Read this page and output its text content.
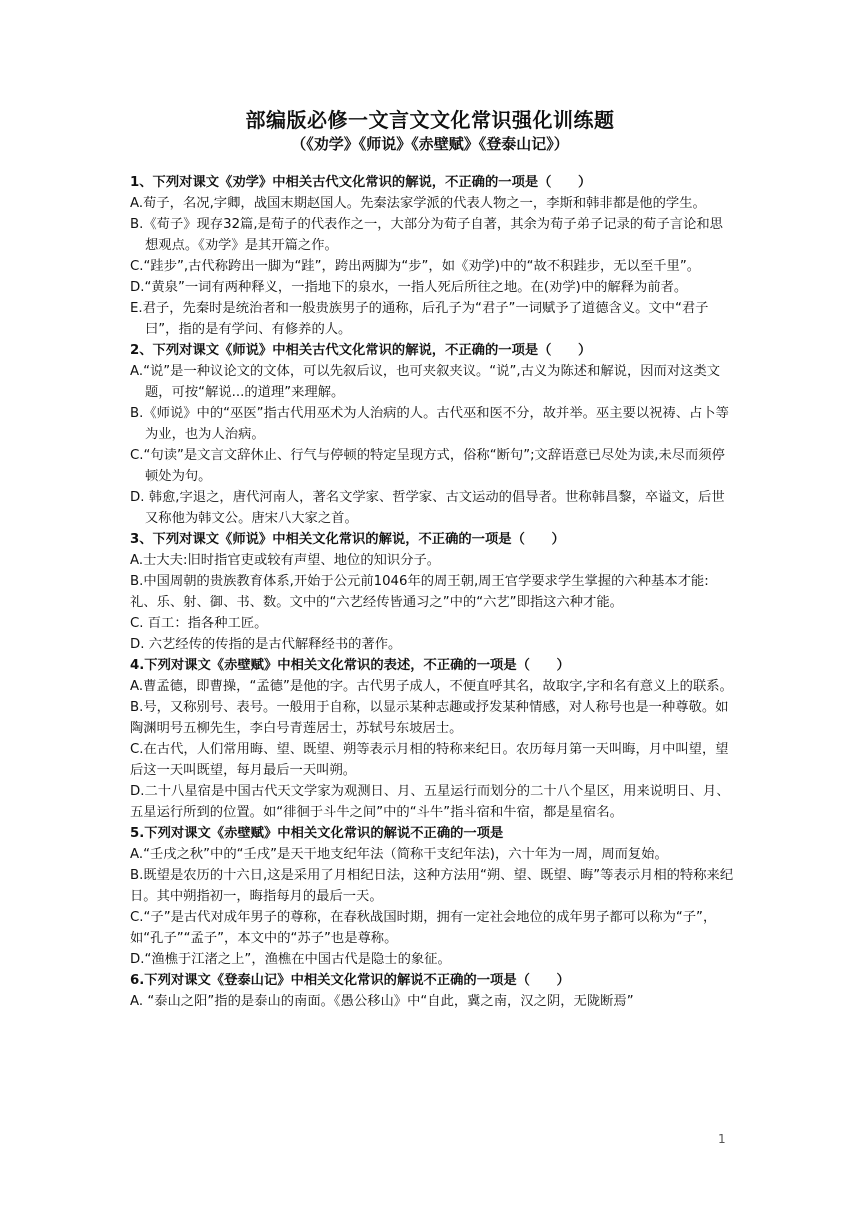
部编版必修一文言文文化常识强化训练题
（《劝学》《师说》《赤壁赋》《登泰山记》）
1、下列对课文《劝学》中相关古代文化常识的解说，不正确的一项是（　　）
A.荀子，名况,字卿，战国末期赵国人。先秦法家学派的代表人物之一，李斯和韩非都是他的学生。
B.《荀子》现存32篇,是荀子的代表作之一，大部分为荀子自著，其余为荀子弟子记录的荀子言论和思想观点。《劝学》是其开篇之作。
C.“跬步”,古代称跨出一脚为“跬”，跨出两脚为“步”，如《劝学)中的“故不积跬步，无以至千里”。
D.“黄泉”一词有两种释义，一指地下的泉水，一指人死后所往之地。在(劝学)中的解释为前者。
E.君子，先秦时是统治者和一般贵族男子的通称，后孔子为“君子”一词赋予了道德含义。文中“君子曰”，指的是有学问、有修养的人。
2、下列对课文《师说》中相关古代文化常识的解说，不正确的一项是（　　）
A.“说”是一种议论文的文体，可以先叙后议，也可夹叙夹议。“说”,古义为陈述和解说，因而对这类文题，可按“解说...的道理”来理解。
B.《师说》中的“巫医”指古代用巫术为人治病的人。古代巫和医不分，故并举。巫主要以祝祷、占卜等为业，也为人治病。
C.“句读”是文言文辞休止、行气与停顿的特定呈现方式，俗称“断句”;文辞语意已尽处为读,未尽而须停顿处为句。
D. 韩愈,字退之，唐代河南人，著名文学家、哲学家、古文运动的倡导者。世称韩昌黎，卒谥文，后世又称他为韩文公。唐宋八大家之首。
3、下列对课文《师说》中相关文化常识的解说，不正确的一项是（　　）
A.士大夫:旧时指官吏或较有声望、地位的知识分子。
B.中国周朝的贵族教育体系,开始于公元前1046年的周王朝,周王官学要求学生掌握的六种基本才能:礼、乐、射、御、书、数。文中的“六艺经传皆通习之”中的“六艺”即指这六种才能。
C. 百工：指各种工匠。
D. 六艺经传的传指的是古代解释经书的著作。
4.下列对课文《赤壁赋》中相关文化常识的表述，不正确的一项是（　　）
A.曹孟德，即曹操，“孟德”是他的字。古代男子成人，不便直呼其名，故取字,字和名有意义上的联系。
B.号，又称别号、表号。一般用于自称，以显示某种志趣或抒发某种情感，对人称号也是一种尊敬。如陶渊明号五柳先生，李白号青莲居士，苏轼号东坡居士。
C.在古代，人们常用晦、望、既望、朔等表示月相的特称来纪日。农历每月第一天叫晦，月中叫望，望后这一天叫既望，每月最后一天叫朔。
D.二十八星宿是中国古代天文学家为观测日、月、五星运行而划分的二十八个星区，用来说明日、月、五星运行所到的位置。如“徘徊于斗牛之间”中的“斗牛”指斗宿和牛宿，都是星宿名。
5.下列对课文《赤壁赋》中相关文化常识的解说不正确的一项是
A.“壬戌之秋”中的“壬戌”是天干地支纪年法（简称干支纪年法)，六十年为一周，周而复始。
B.既望是农历的十六日,这是采用了月相纪日法，这种方法用“朔、望、既望、晦”等表示月相的特称来纪日。其中朔指初一，晦指每月的最后一天。
C.“子”是古代对成年男子的尊称，在春秋战国时期，拥有一定社会地位的成年男子都可以称为“子”，如“孔子”“孟子”，本文中的“苏子”也是尊称。
D.“渔樵于江渚之上”，渔樵在中国古代是隐士的象征。
6.下列对课文《登泰山记》中相关文化常识的解说不正确的一项是（　　）
A. “泰山之阳”指的是泰山的南面。《愚公移山》中“自此，冀之南，汉之阴，无陇断焉”
1
